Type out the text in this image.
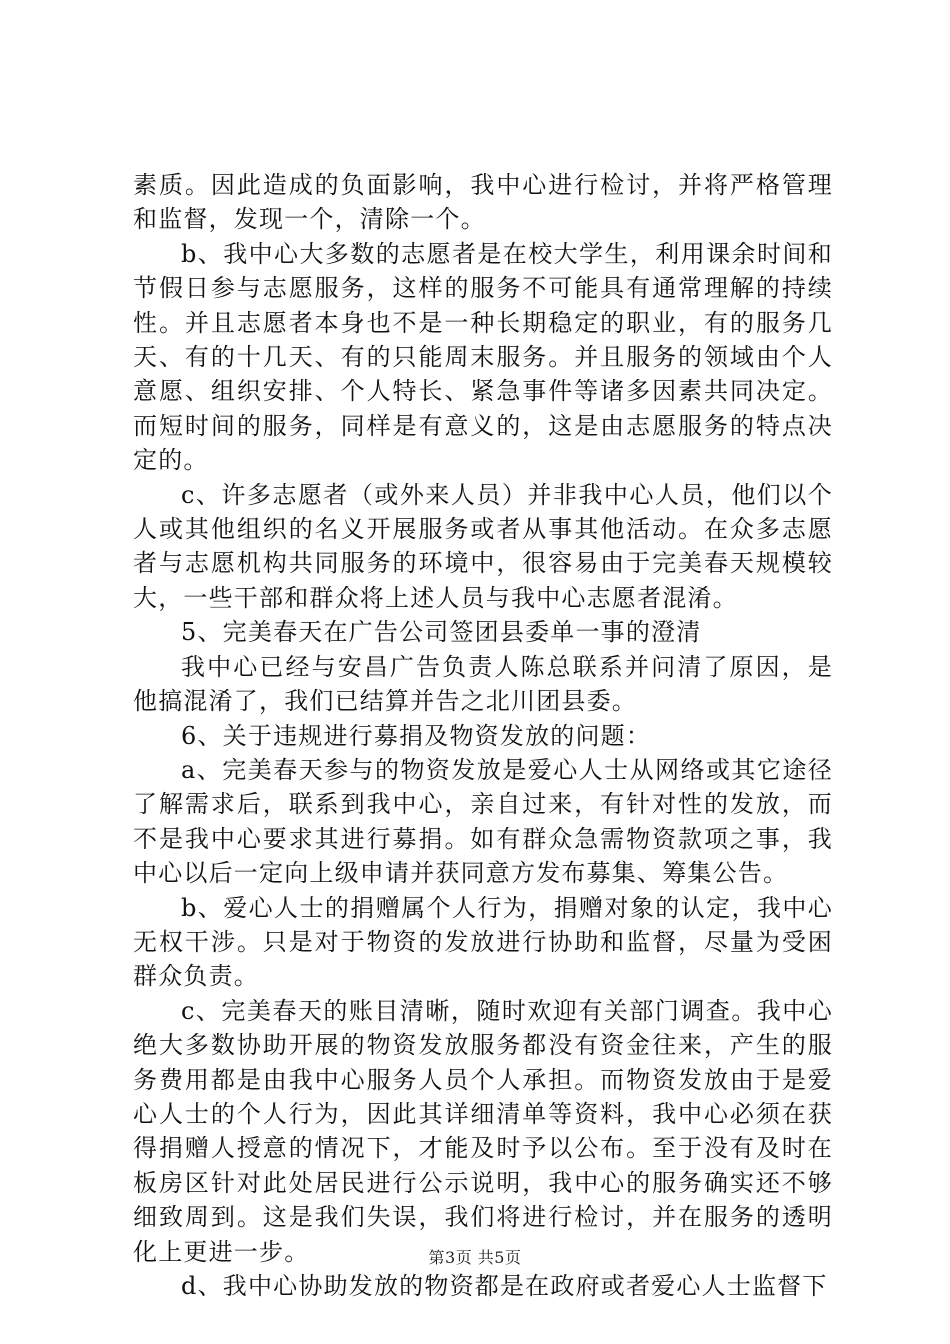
素质。因此造成的负面影响，我中心进行检讨，并将严格管理和监督，发现一个，清除一个。

b、我中心大多数的志愿者是在校大学生，利用课余时间和节假日参与志愿服务，这样的服务不可能具有通常理解的持续性。并且志愿者本身也不是一种长期稳定的职业，有的服务几天、有的十几天、有的只能周末服务。并且服务的领域由个人意愿、组织安排、个人特长、紧急事件等诸多因素共同决定。而短时间的服务，同样是有意义的，这是由志愿服务的特点决定的。

c、许多志愿者（或外来人员）并非我中心人员，他们以个人或其他组织的名义开展服务或者从事其他活动。在众多志愿者与志愿机构共同服务的环境中，很容易由于完美春天规模较大，一些干部和群众将上述人员与我中心志愿者混淆。

5、完美春天在广告公司签团县委单一事的澄清

我中心已经与安昌广告负责人陈总联系并问清了原因，是他搞混淆了，我们已结算并告之北川团县委。

6、关于违规进行募捐及物资发放的问题：

a、完美春天参与的物资发放是爱心人士从网络或其它途径了解需求后，联系到我中心，亲自过来，有针对性的发放，而不是我中心要求其进行募捐。如有群众急需物资款项之事，我中心以后一定向上级申请并获同意方发布募集、筹集公告。

b、爱心人士的捐赠属个人行为，捐赠对象的认定，我中心无权干涉。只是对于物资的发放进行协助和监督，尽量为受困群众负责。

c、完美春天的账目清晰，随时欢迎有关部门调查。我中心绝大多数协助开展的物资发放服务都没有资金往来，产生的服务费用都是由我中心服务人员个人承担。而物资发放由于是爱心人士的个人行为，因此其详细清单等资料，我中心必须在获得捐赠人授意的情况下，才能及时予以公布。至于没有及时在板房区针对此处居民进行公示说明，我中心的服务确实还不够细致周到。这是我们失误，我们将进行检讨，并在服务的透明化上更进一步。

d、我中心协助发放的物资都是在政府或者爱心人士监督下

第3页 共5页
